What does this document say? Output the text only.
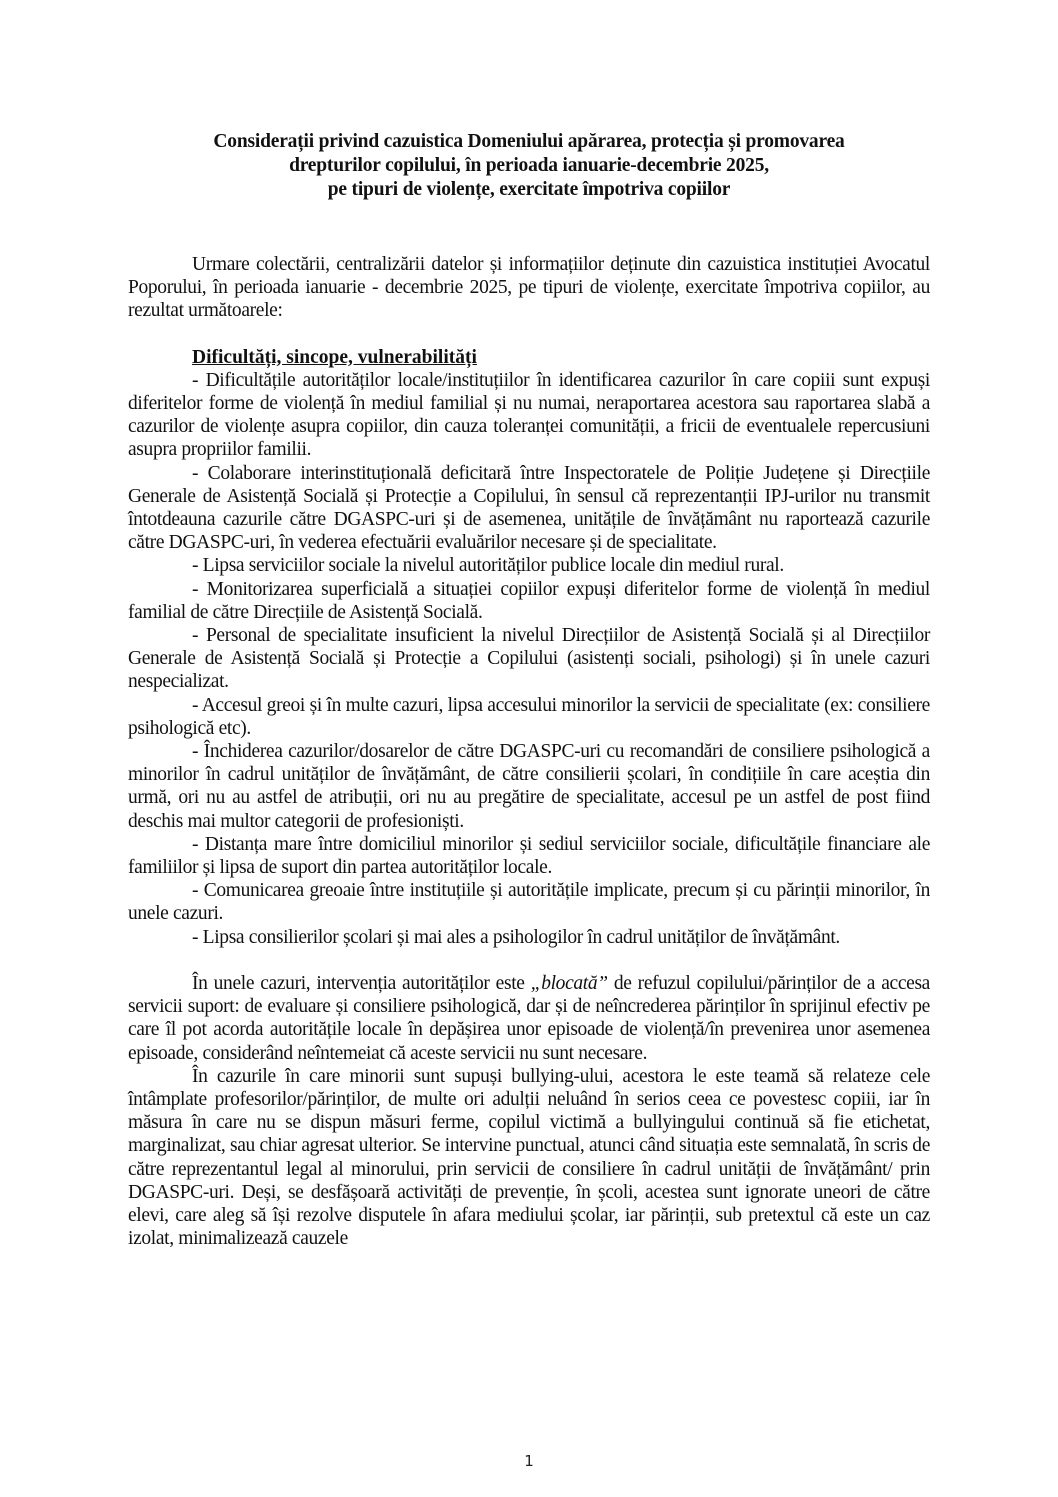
Considerații privind cazuistica Domeniului apărarea, protecția și promovarea
drepturilor copilului, în perioada ianuarie-decembrie 2025,
pe tipuri de violențe, exercitate împotriva copiilor

Urmare colectării, centralizării datelor și informațiilor deținute din cazuistica instituției Avocatul Poporului, în perioada ianuarie - decembrie 2025, pe tipuri de violențe, exercitate împotriva copiilor, au rezultat următoarele:

Dificultăți, sincope, vulnerabilități

- Dificultățile autorităților locale/instituțiilor în identificarea cazurilor în care copiii sunt expuși diferitelor forme de violență în mediul familial și nu numai, neraportarea acestora sau raportarea slabă a cazurilor de violențe asupra copiilor, din cauza toleranței comunității, a fricii de eventualele repercusiuni asupra propriilor familii.

- Colaborare interinstituțională deficitară între Inspectoratele de Poliție Județene și Direcțiile Generale de Asistență Socială și Protecție a Copilului, în sensul că reprezentanții IPJ-urilor nu transmit întotdeauna cazurile către DGASPC-uri și de asemenea, unitățile de învățământ nu raportează cazurile către DGASPC-uri, în vederea efectuării evaluărilor necesare și de specialitate.

- Lipsa serviciilor sociale la nivelul autorităților publice locale din mediul rural.

- Monitorizarea superficială a situației copiilor expuși diferitelor forme de violență în mediul familial de către Direcțiile de Asistență Socială.

- Personal de specialitate insuficient la nivelul Direcțiilor de Asistență Socială și al Direcțiilor Generale de Asistență Socială și Protecție a Copilului (asistenți sociali, psihologi) și în unele cazuri nespecializat.

- Accesul greoi și în multe cazuri, lipsa accesului minorilor la servicii de specialitate (ex: consiliere psihologică etc).

- Închiderea cazurilor/dosarelor de către DGASPC-uri cu recomandări de consiliere psihologică a minorilor în cadrul unităților de învățământ, de către consilierii școlari, în condițiile în care aceștia din urmă, ori nu au astfel de atribuții, ori nu au pregătire de specialitate, accesul pe un astfel de post fiind deschis mai multor categorii de profesioniști.

- Distanța mare între domiciliul minorilor și sediul serviciilor sociale, dificultățile financiare ale familiilor și lipsa de suport din partea autorităților locale.

- Comunicarea greoaie între instituțiile și autoritățile implicate, precum și cu părinții minorilor, în unele cazuri.

- Lipsa consilierilor școlari și mai ales a psihologilor în cadrul unităților de învățământ.

În unele cazuri, intervenția autorităților este „blocată” de refuzul copilului/părinților de a accesa servicii suport: de evaluare și consiliere psihologică, dar și de neîncrederea părinților în sprijinul efectiv pe care îl pot acorda autoritățile locale în depășirea unor episoade de violență/în prevenirea unor asemenea episoade, considerând neîntemeiat că aceste servicii nu sunt necesare.

În cazurile în care minorii sunt supuși bullying-ului, acestora le este teamă să relateze cele întâmplate profesorilor/părinților, de multe ori adulții neluând în serios ceea ce povestesc copiii, iar în măsura în care nu se dispun măsuri ferme, copilul victimă a bullyingului continuă să fie etichetat, marginalizat, sau chiar agresat ulterior. Se intervine punctual, atunci când situația este semnalată, în scris de către reprezentantul legal al minorului, prin servicii de consiliere în cadrul unității de învățământ/ prin DGASPC-uri. Deși, se desfășoară activități de prevenție, în școli, acestea sunt ignorate uneori de către elevi, care aleg să își rezolve disputele în afara mediului școlar, iar părinții, sub pretextul că este un caz izolat, minimalizează cauzele

1
